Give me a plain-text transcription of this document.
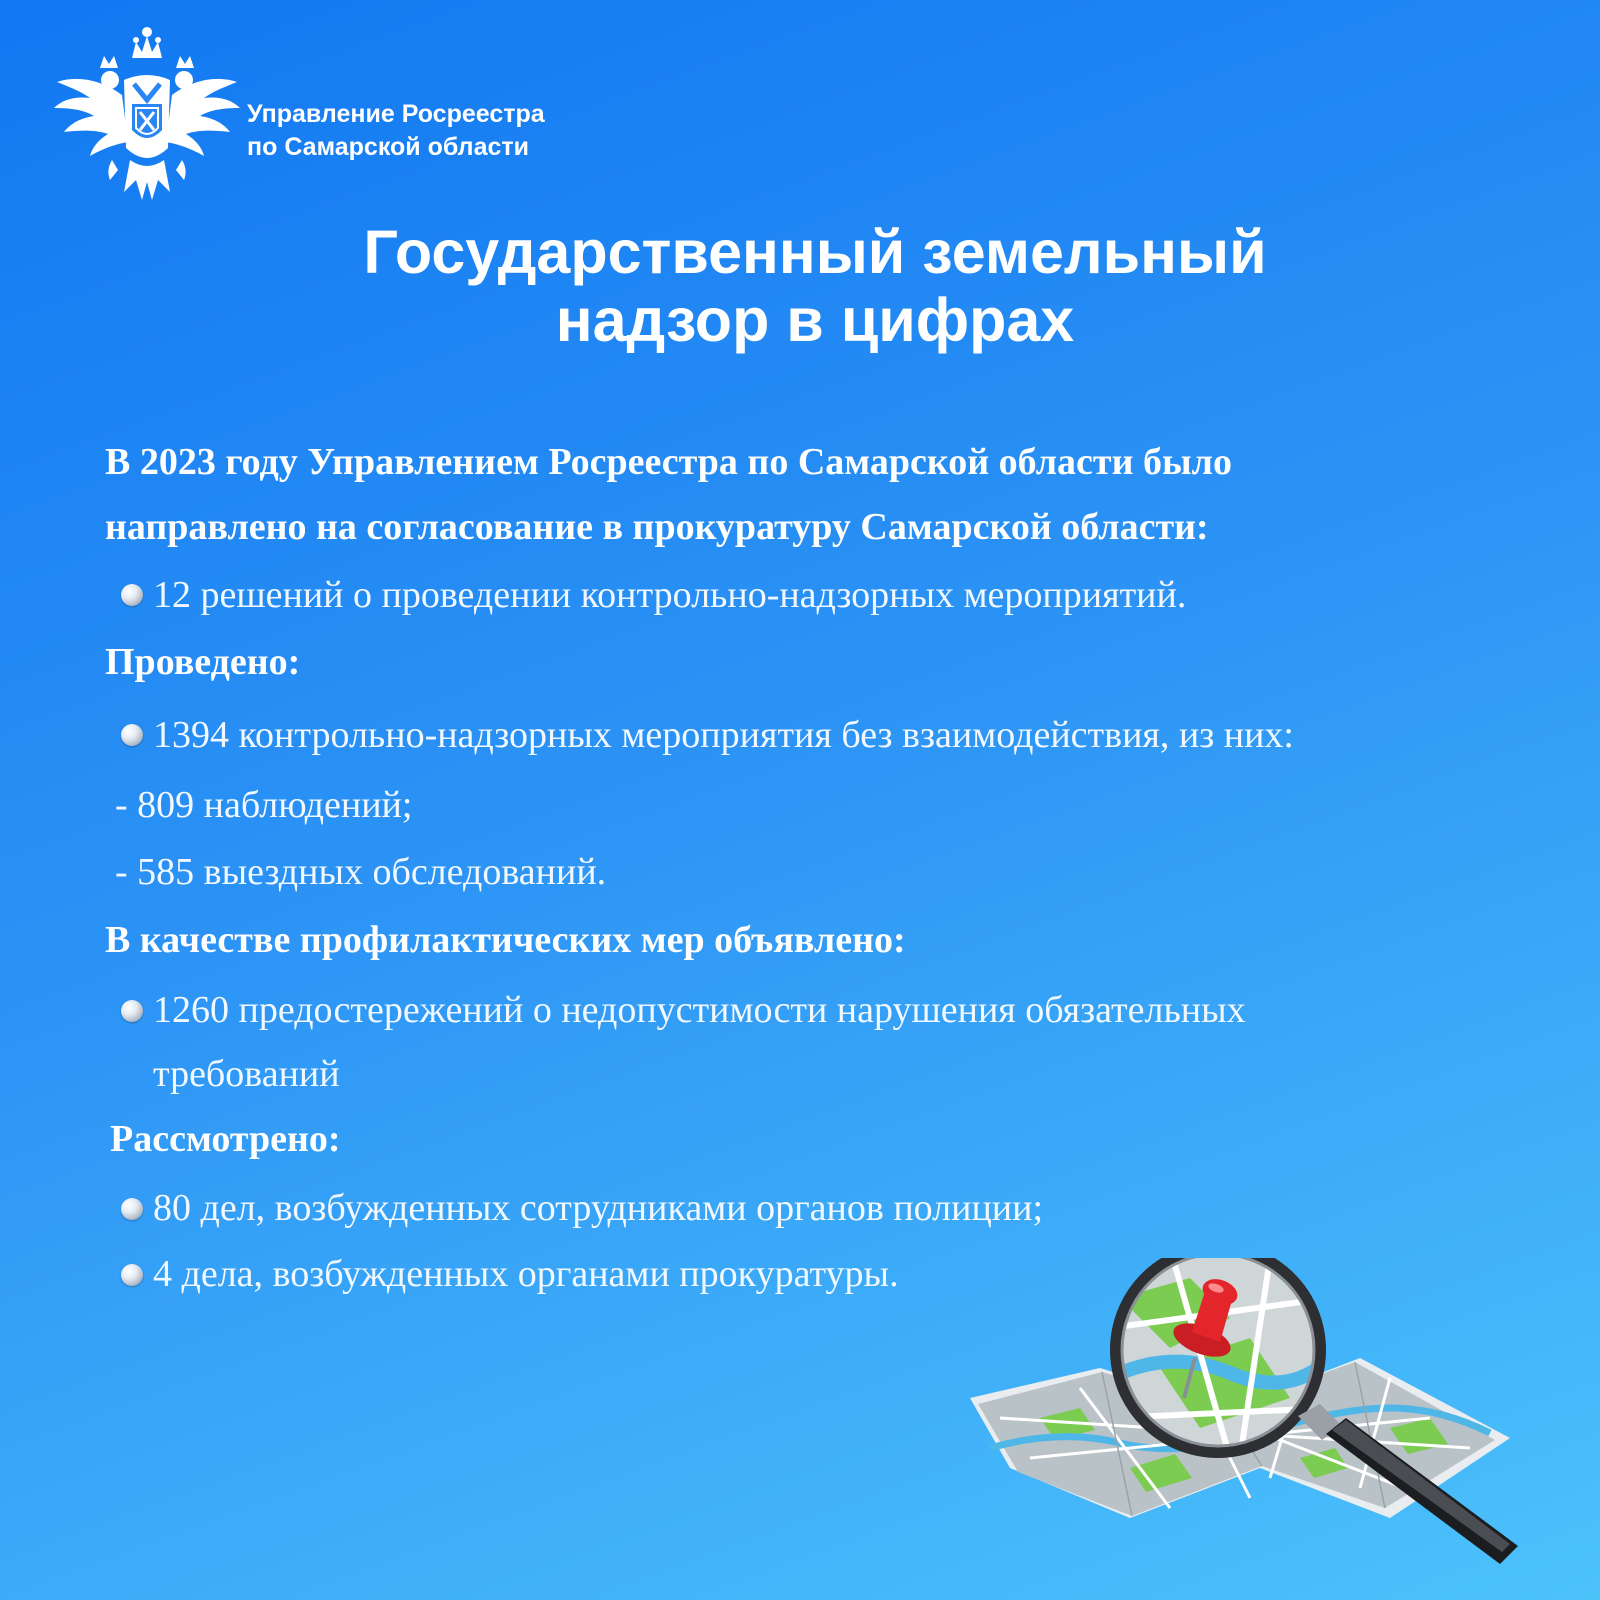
Управление Росреестра
по Самарской области
Государственный земельный
надзор в цифрах
В 2023 году Управлением Росреестра по Самарской области было
направлено на согласование в прокуратуру Самарской области:
12 решений о проведении контрольно-надзорных мероприятий.
Проведено:
1394 контрольно-надзорных мероприятия без взаимодействия, из них:
- 809 наблюдений;
- 585 выездных обследований.
В качестве профилактических мер объявлено:
1260 предостережений о недопустимости нарушения обязательных
требований
Рассмотрено:
80 дел, возбужденных сотрудниками органов полиции;
4 дела, возбужденных органами прокуратуры.
